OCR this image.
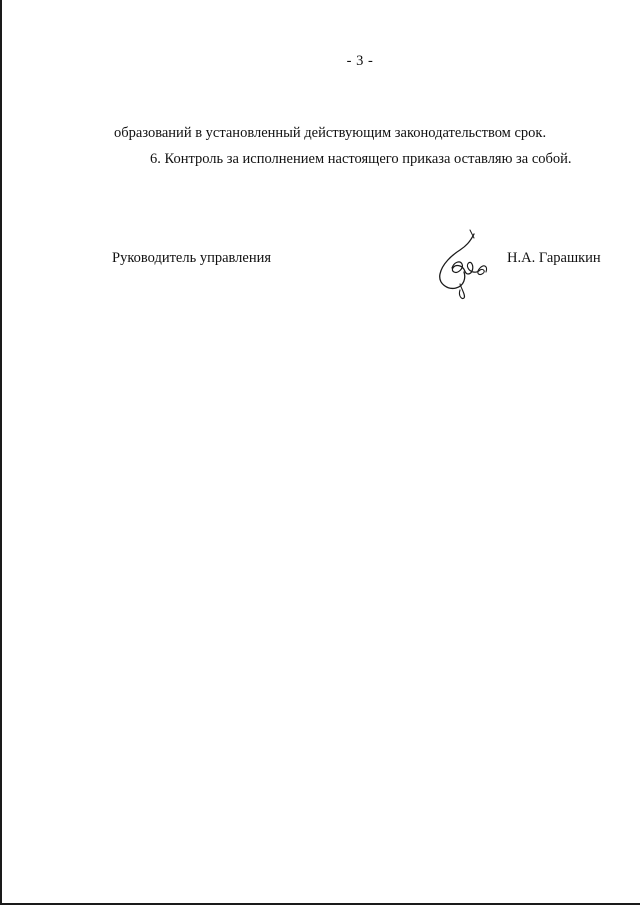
- 3 -
образований в установленный действующим законодательством срок.
6. Контроль за исполнением настоящего приказа оставляю за собой.
Руководитель управления	Н.А. Гарашкин
